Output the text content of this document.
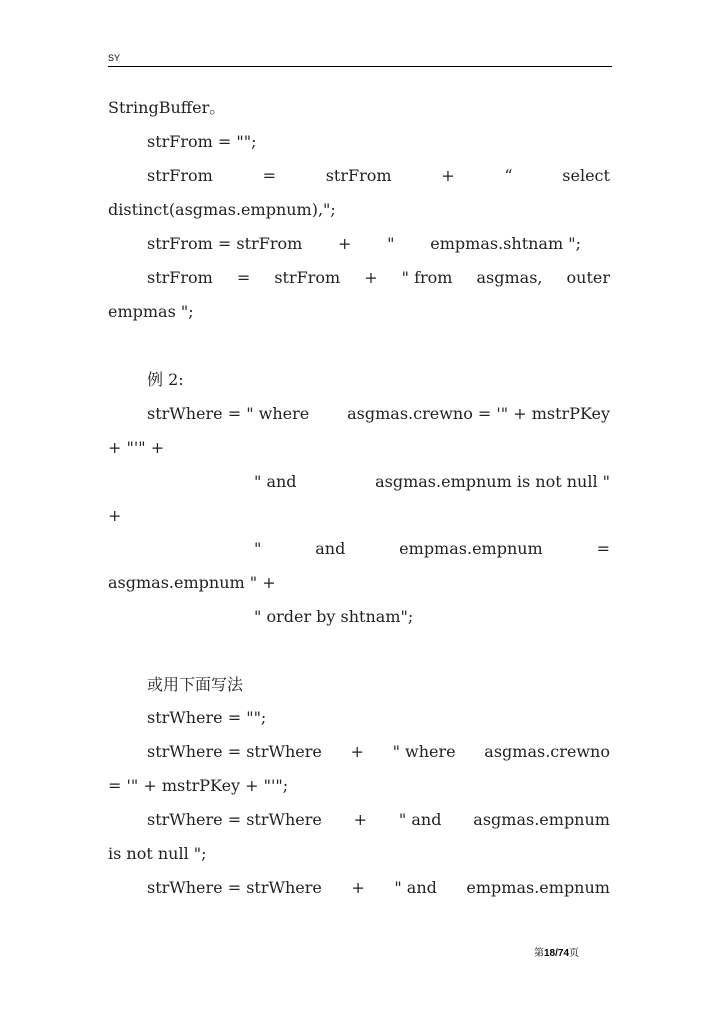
SY
StringBuffer。
strFrom = "";
strFrom	=	strFrom	+	“	select
distinct(asgmas.empnum),";
strFrom = strFrom + " empmas.shtnam ";
strFrom = strFrom + " from asgmas, outer
empmas ";
例 2:
strWhere = " where asgmas.crewno = '" + mstrPKey
+ "'" +
" and	asgmas.empnum is not null "
+
"	and	empmas.empnum	=
asgmas.empnum " +
" order by shtnam";
或用下面写法
strWhere = "";
strWhere = strWhere + " where asgmas.crewno
= '" + mstrPKey + "'";
strWhere = strWhere + " and asgmas.empnum
is not null ";
strWhere = strWhere + " and empmas.empnum
第18/74页
